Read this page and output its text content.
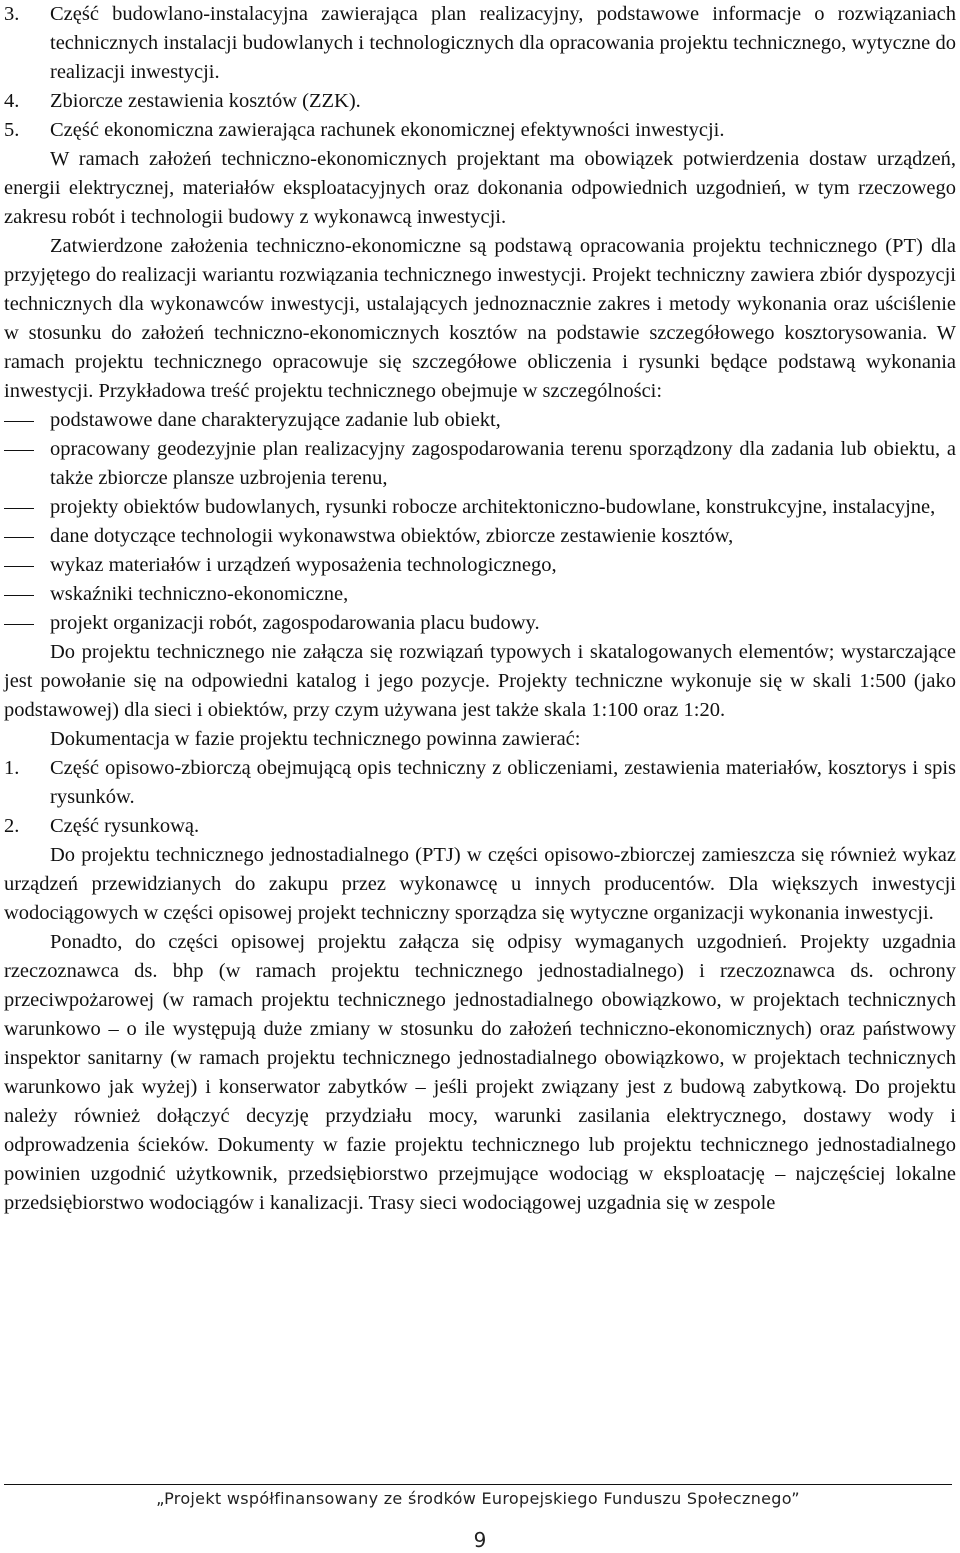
3.	Część budowlano-instalacyjna zawierająca plan realizacyjny, podstawowe informacje o rozwiązaniach technicznych instalacji budowlanych i technologicznych dla opracowania projektu technicznego, wytyczne do realizacji inwestycji.
4.	Zbiorcze zestawienia kosztów (ZZK).
5.	Część ekonomiczna zawierająca rachunek ekonomicznej efektywności inwestycji.

W ramach założeń techniczno-ekonomicznych projektant ma obowiązek potwierdzenia dostaw urządzeń, energii elektrycznej, materiałów eksploatacyjnych oraz dokonania odpowiednich uzgodnień, w tym rzeczowego zakresu robót i technologii budowy z wykonawcą inwestycji.

Zatwierdzone założenia techniczno-ekonomiczne są podstawą opracowania projektu technicznego (PT) dla przyjętego do realizacji wariantu rozwiązania technicznego inwestycji. Projekt techniczny zawiera zbiór dyspozycji technicznych dla wykonawców inwestycji, ustalających jednoznacznie zakres i metody wykonania oraz uściślenie w stosunku do założeń techniczno-ekonomicznych kosztów na podstawie szczegółowego kosztorysowania. W ramach projektu technicznego opracowuje się szczegółowe obliczenia i rysunki będące podstawą wykonania inwestycji. Przykładowa treść projektu technicznego obejmuje w szczególności:

podstawowe dane charakteryzujące zadanie lub obiekt,
opracowany geodezyjnie plan realizacyjny zagospodarowania terenu sporządzony dla zadania lub obiektu, a także zbiorcze plansze uzbrojenia terenu,
projekty obiektów budowlanych, rysunki robocze architektoniczno-budowlane, konstrukcyjne, instalacyjne,
dane dotyczące technologii wykonawstwa obiektów, zbiorcze zestawienie kosztów,
wykaz materiałów i urządzeń wyposażenia technologicznego,
wskaźniki techniczno-ekonomiczne,
projekt organizacji robót, zagospodarowania placu budowy.

Do projektu technicznego nie załącza się rozwiązań typowych i skatalogowanych elementów; wystarczające jest powołanie się na odpowiedni katalog i jego pozycje. Projekty techniczne wykonuje się w skali 1:500 (jako podstawowej) dla sieci i obiektów, przy czym używana jest także skala 1:100 oraz 1:20.

Dokumentacja w fazie projektu technicznego powinna zawierać:

1.	Część opisowo-zbiorczą obejmującą opis techniczny z obliczeniami, zestawienia materiałów, kosztorys i spis rysunków.
2.	Część rysunkową.

Do projektu technicznego jednostadialnego (PTJ) w części opisowo-zbiorczej zamieszcza się również wykaz urządzeń przewidzianych do zakupu przez wykonawcę u innych producentów. Dla większych inwestycji wodociągowych w części opisowej projekt techniczny sporządza się wytyczne organizacji wykonania inwestycji.

Ponadto, do części opisowej projektu załącza się odpisy wymaganych uzgodnień. Projekty uzgadnia rzeczoznawca ds. bhp (w ramach projektu technicznego jednostadialnego) i rzeczoznawca ds. ochrony przeciwpożarowej (w ramach projektu technicznego jednostadialnego obowiązkowo, w projektach technicznych warunkowo – o ile występują duże zmiany w stosunku do założeń techniczno-ekonomicznych) oraz państwowy inspektor sanitarny (w ramach projektu technicznego jednostadialnego obowiązkowo, w projektach technicznych warunkowo jak wyżej) i konserwator zabytków – jeśli projekt związany jest z budową zabytkową. Do projektu należy również dołączyć decyzję przydziału mocy, warunki zasilania elektrycznego, dostawy wody i odprowadzenia ścieków. Dokumenty w fazie projektu technicznego lub projektu technicznego jednostadialnego powinien uzgodnić użytkownik, przedsiębiorstwo przejmujące wodociąg w eksploatację – najczęściej lokalne przedsiębiorstwo wodociągów i kanalizacji. Trasy sieci wodociągowej uzgadnia się w zespole

„Projekt współfinansowany ze środków Europejskiego Funduszu Społecznego”
9
